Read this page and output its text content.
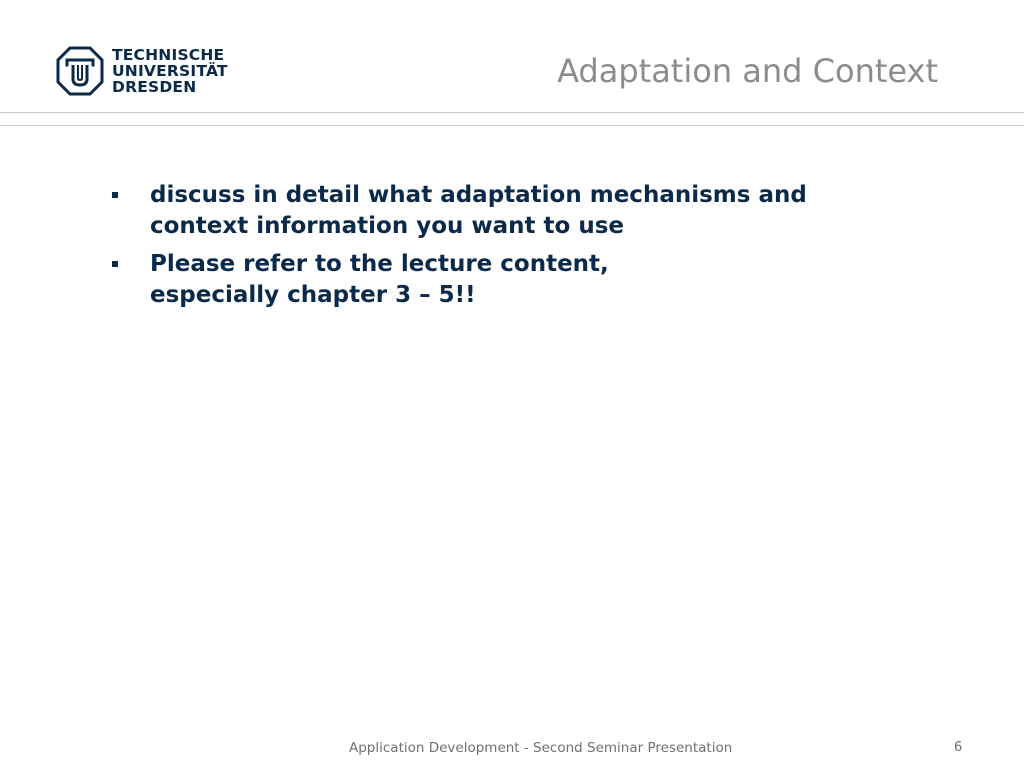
TECHNISCHE
UNIVERSITÄT
DRESDEN	Adaptation and Context
discuss in detail what adaptation mechanisms and
context information you want to use
Please refer to the lecture content,
especially chapter 3 – 5!!
Application Development - Second Seminar Presentation	6
